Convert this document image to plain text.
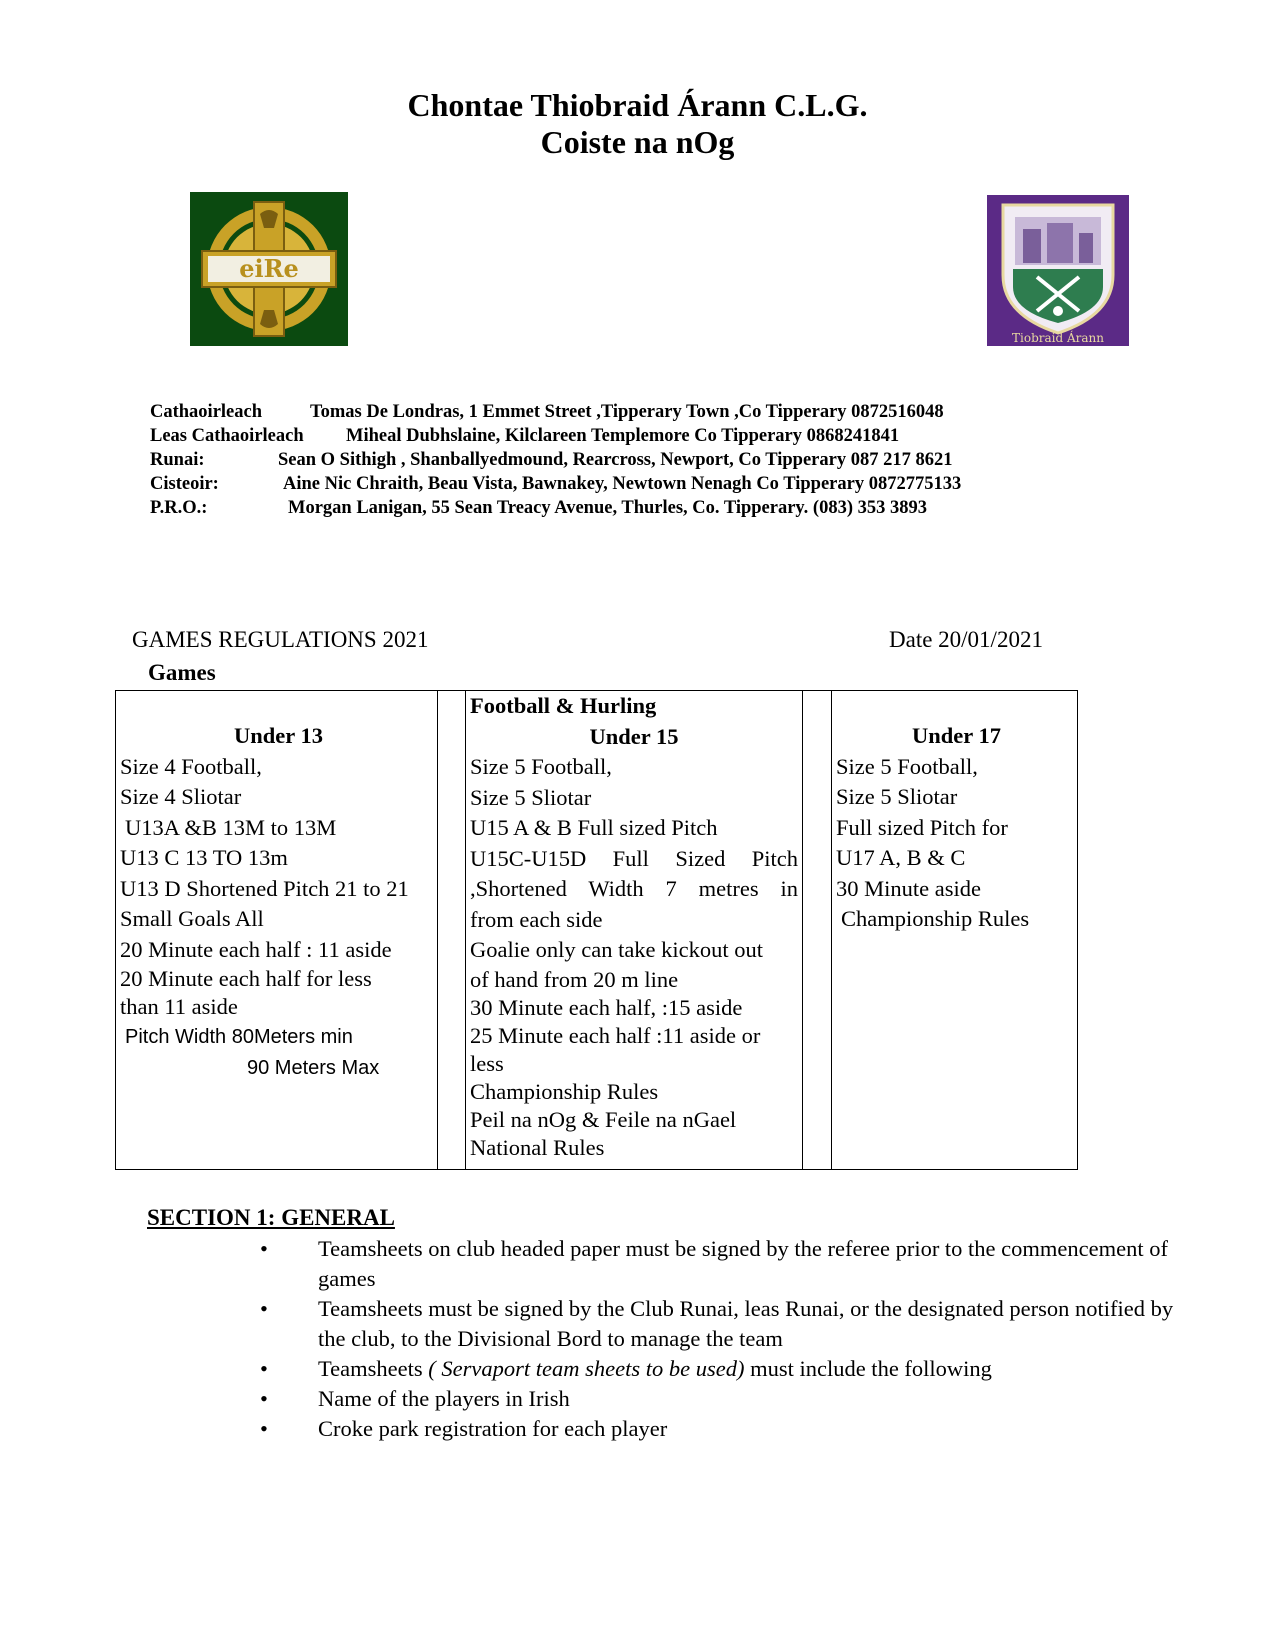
Chontae Thiobraid Árann C.L.G.
Coiste na nOg
eiRe
Tiobraid Árann
Cathaoirleach	Tomas De Londras, 1 Emmet Street ,Tipperary Town ,Co Tipperary 0872516048
Leas Cathaoirleach Miheal Dubhslaine, Kilclareen Templemore Co Tipperary 0868241841
Runai:	Sean O Sithigh , Shanballyedmound, Rearcross, Newport, Co Tipperary 087 217 8621
Cisteoir:	Aine Nic Chraith, Beau Vista, Bawnakey, Newtown Nenagh Co Tipperary 0872775133
P.R.O.:	Morgan Lanigan, 55 Sean Treacy Avenue, Thurles, Co. Tipperary. (083) 353 3893
GAMES REGULATIONS 2021	Date 20/01/2021
Games
Under 13
Size 4 Football,
Size 4 Sliotar
U13A &B 13M to 13M
U13 C 13 TO 13m
U13 D Shortened Pitch 21 to 21
Small Goals All
20 Minute each half : 11 aside
20 Minute each half for less
than 11 aside
Pitch Width 80Meters min
90 Meters Max

Football & Hurling
Under 15
Size 5 Football,
Size 5 Sliotar
U15 A & B Full sized Pitch
U15C-U15D Full Sized Pitch
,Shortened Width 7 metres in
from each side
Goalie only can take kickout out
of hand from 20 m line
30 Minute each half, :15 aside
25 Minute each half :11 aside or
less
Championship Rules
Peil na nOg & Feile na nGael
National Rules

Under 17
Size 5 Football,
Size 5 Sliotar
Full sized Pitch for
U17 A, B & C
30 Minute aside
Championship Rules
SECTION 1: GENERAL
• Teamsheets on club headed paper must be signed by the referee prior to the commencement of games
• Teamsheets must be signed by the Club Runai, leas Runai, or the designated person notified by the club, to the Divisional Bord to manage the team
• Teamsheets ( Servaport team sheets to be used) must include the following
• Name of the players in Irish
• Croke park registration for each player
